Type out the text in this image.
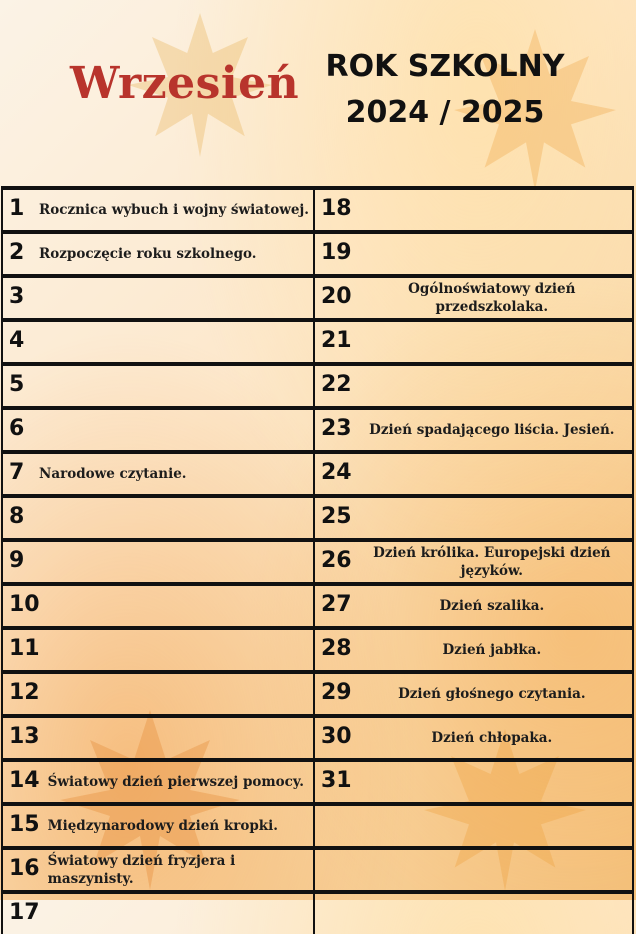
Wrzesień ROK SZKOLNY
2024 / 2025
1	Rocznica wybuch i wojny światowej.
2	Rozpoczęcie roku szkolnego.
3
4
5
6
7	Narodowe czytanie.
8
9
10
11
12
13
14 Światowy dzień pierwszej pomocy.
15 Międzynarodowy dzień kropki.
16 Światowy dzień fryzjera i maszynisty.
17
18
19
20	Ogólnoświatowy dzień przedszkolaka.
21
22
23	Dzień spadającego liścia. Jesień.
24
25
26	Dzień królika. Europejski dzień języków.
27	Dzień szalika.
28	Dzień jabłka.
29	Dzień głośnego czytania.
30	Dzień chłopaka.
31
